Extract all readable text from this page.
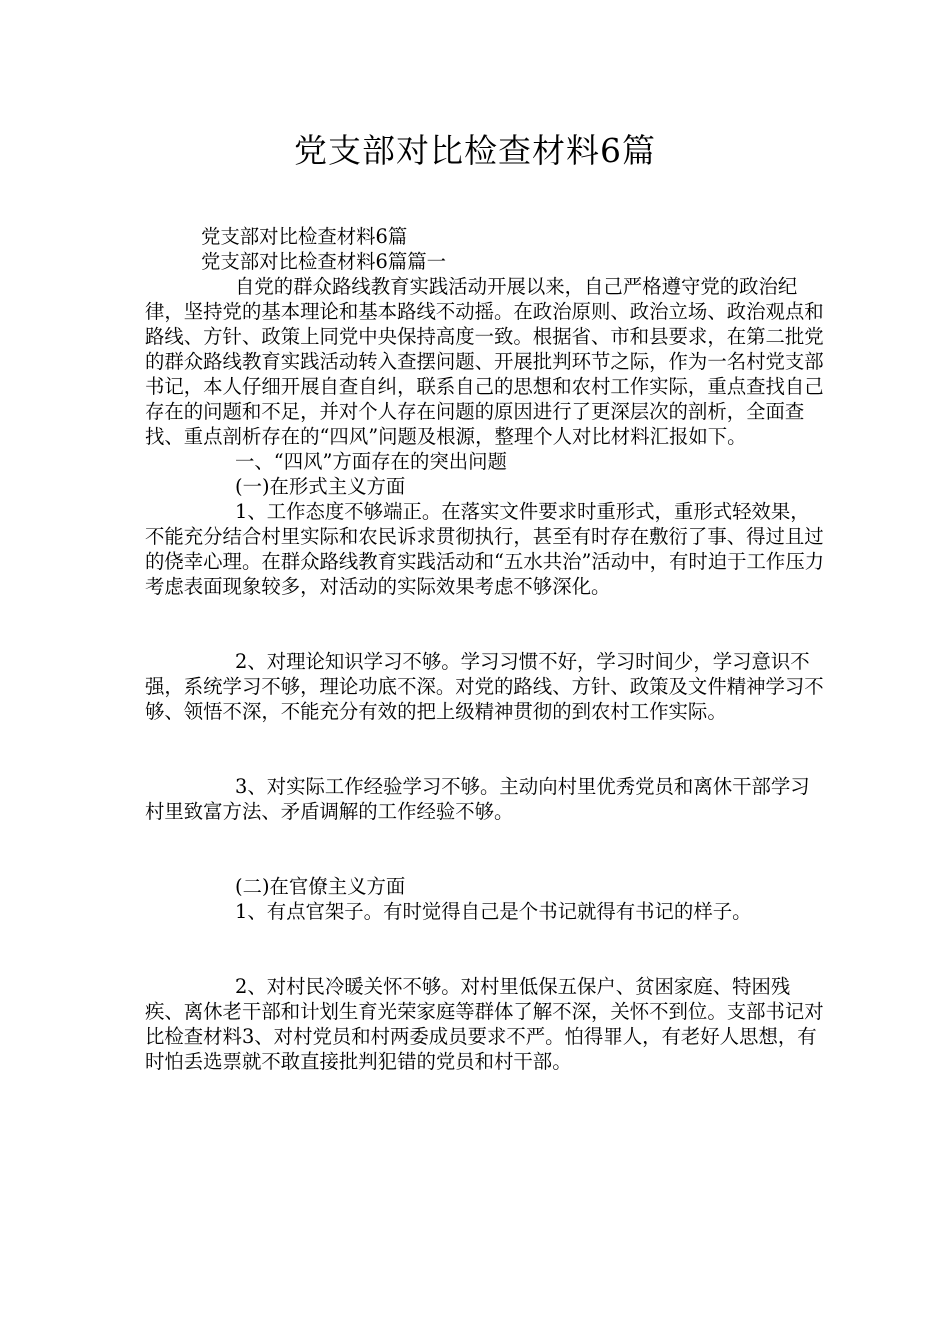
党支部对比检查材料6篇

党支部对比检查材料6篇

党支部对比检查材料6篇篇一

自党的群众路线教育实践活动开展以来，自己严格遵守党的政治纪律，坚持党的基本理论和基本路线不动摇。在政治原则、政治立场、政治观点和路线、方针、政策上同党中央保持高度一致。根据省、市和县要求，在第二批党的群众路线教育实践活动转入查摆问题、开展批判环节之际，作为一名村党支部书记，本人仔细开展自查自纠，联系自己的思想和农村工作实际，重点查找自己存在的问题和不足，并对个人存在问题的原因进行了更深层次的剖析，全面查找、重点剖析存在的“四风”问题及根源，整理个人对比材料汇报如下。

一、“四风”方面存在的突出问题

(一)在形式主义方面

1、工作态度不够端正。在落实文件要求时重形式，重形式轻效果，不能充分结合村里实际和农民诉求贯彻执行，甚至有时存在敷衍了事、得过且过的侥幸心理。在群众路线教育实践活动和“五水共治”活动中，有时迫于工作压力考虑表面现象较多，对活动的实际效果考虑不够深化。

2、对理论知识学习不够。学习习惯不好，学习时间少，学习意识不强，系统学习不够，理论功底不深。对党的路线、方针、政策及文件精神学习不够、领悟不深，不能充分有效的把上级精神贯彻的到农村工作实际。

3、对实际工作经验学习不够。主动向村里优秀党员和离休干部学习村里致富方法、矛盾调解的工作经验不够。

(二)在官僚主义方面

1、有点官架子。有时觉得自己是个书记就得有书记的样子。

2、对村民冷暖关怀不够。对村里低保五保户、贫困家庭、特困残疾、离休老干部和计划生育光荣家庭等群体了解不深，关怀不到位。支部书记对比检查材料3、对村党员和村两委成员要求不严。怕得罪人，有老好人思想，有时怕丢选票就不敢直接批判犯错的党员和村干部。
